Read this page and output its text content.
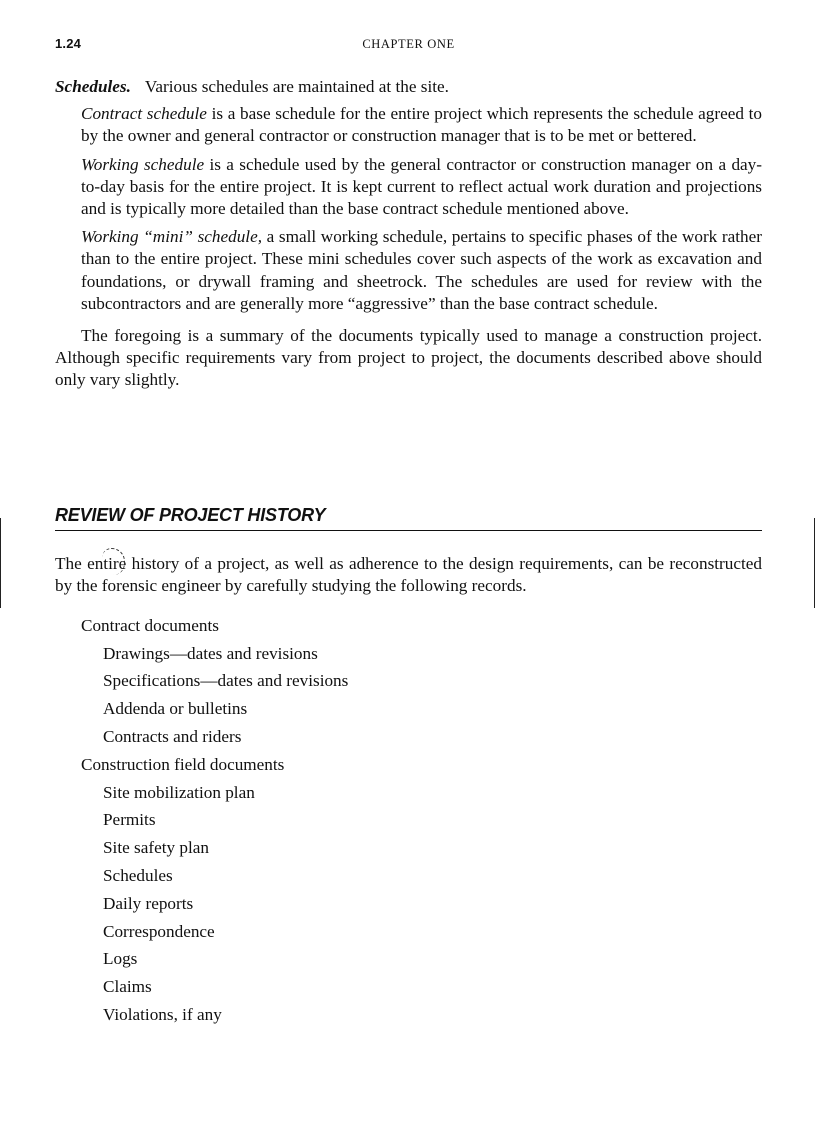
1.24	CHAPTER ONE

Schedules. Various schedules are maintained at the site.

Contract schedule is a base schedule for the entire project which represents the schedule agreed to by the owner and general contractor or construction manager that is to be met or bettered.

Working schedule is a schedule used by the general contractor or construction manager on a day-to-day basis for the entire project. It is kept current to reflect actual work duration and projections and is typically more detailed than the base contract schedule mentioned above.

Working “mini” schedule, a small working schedule, pertains to specific phases of the work rather than to the entire project. These mini schedules cover such aspects of the work as excavation and foundations, or drywall framing and sheetrock. The schedules are used for review with the subcontractors and are generally more “aggressive” than the base contract schedule.

The foregoing is a summary of the documents typically used to manage a construction project. Although specific requirements vary from project to project, the documents described above should only vary slightly.

REVIEW OF PROJECT HISTORY

The entire history of a project, as well as adherence to the design requirements, can be reconstructed by the forensic engineer by carefully studying the following records.

Contract documents
Drawings—dates and revisions
Specifications—dates and revisions
Addenda or bulletins
Contracts and riders
Construction field documents
Site mobilization plan
Permits
Site safety plan
Schedules
Daily reports
Correspondence
Logs
Claims
Violations, if any
